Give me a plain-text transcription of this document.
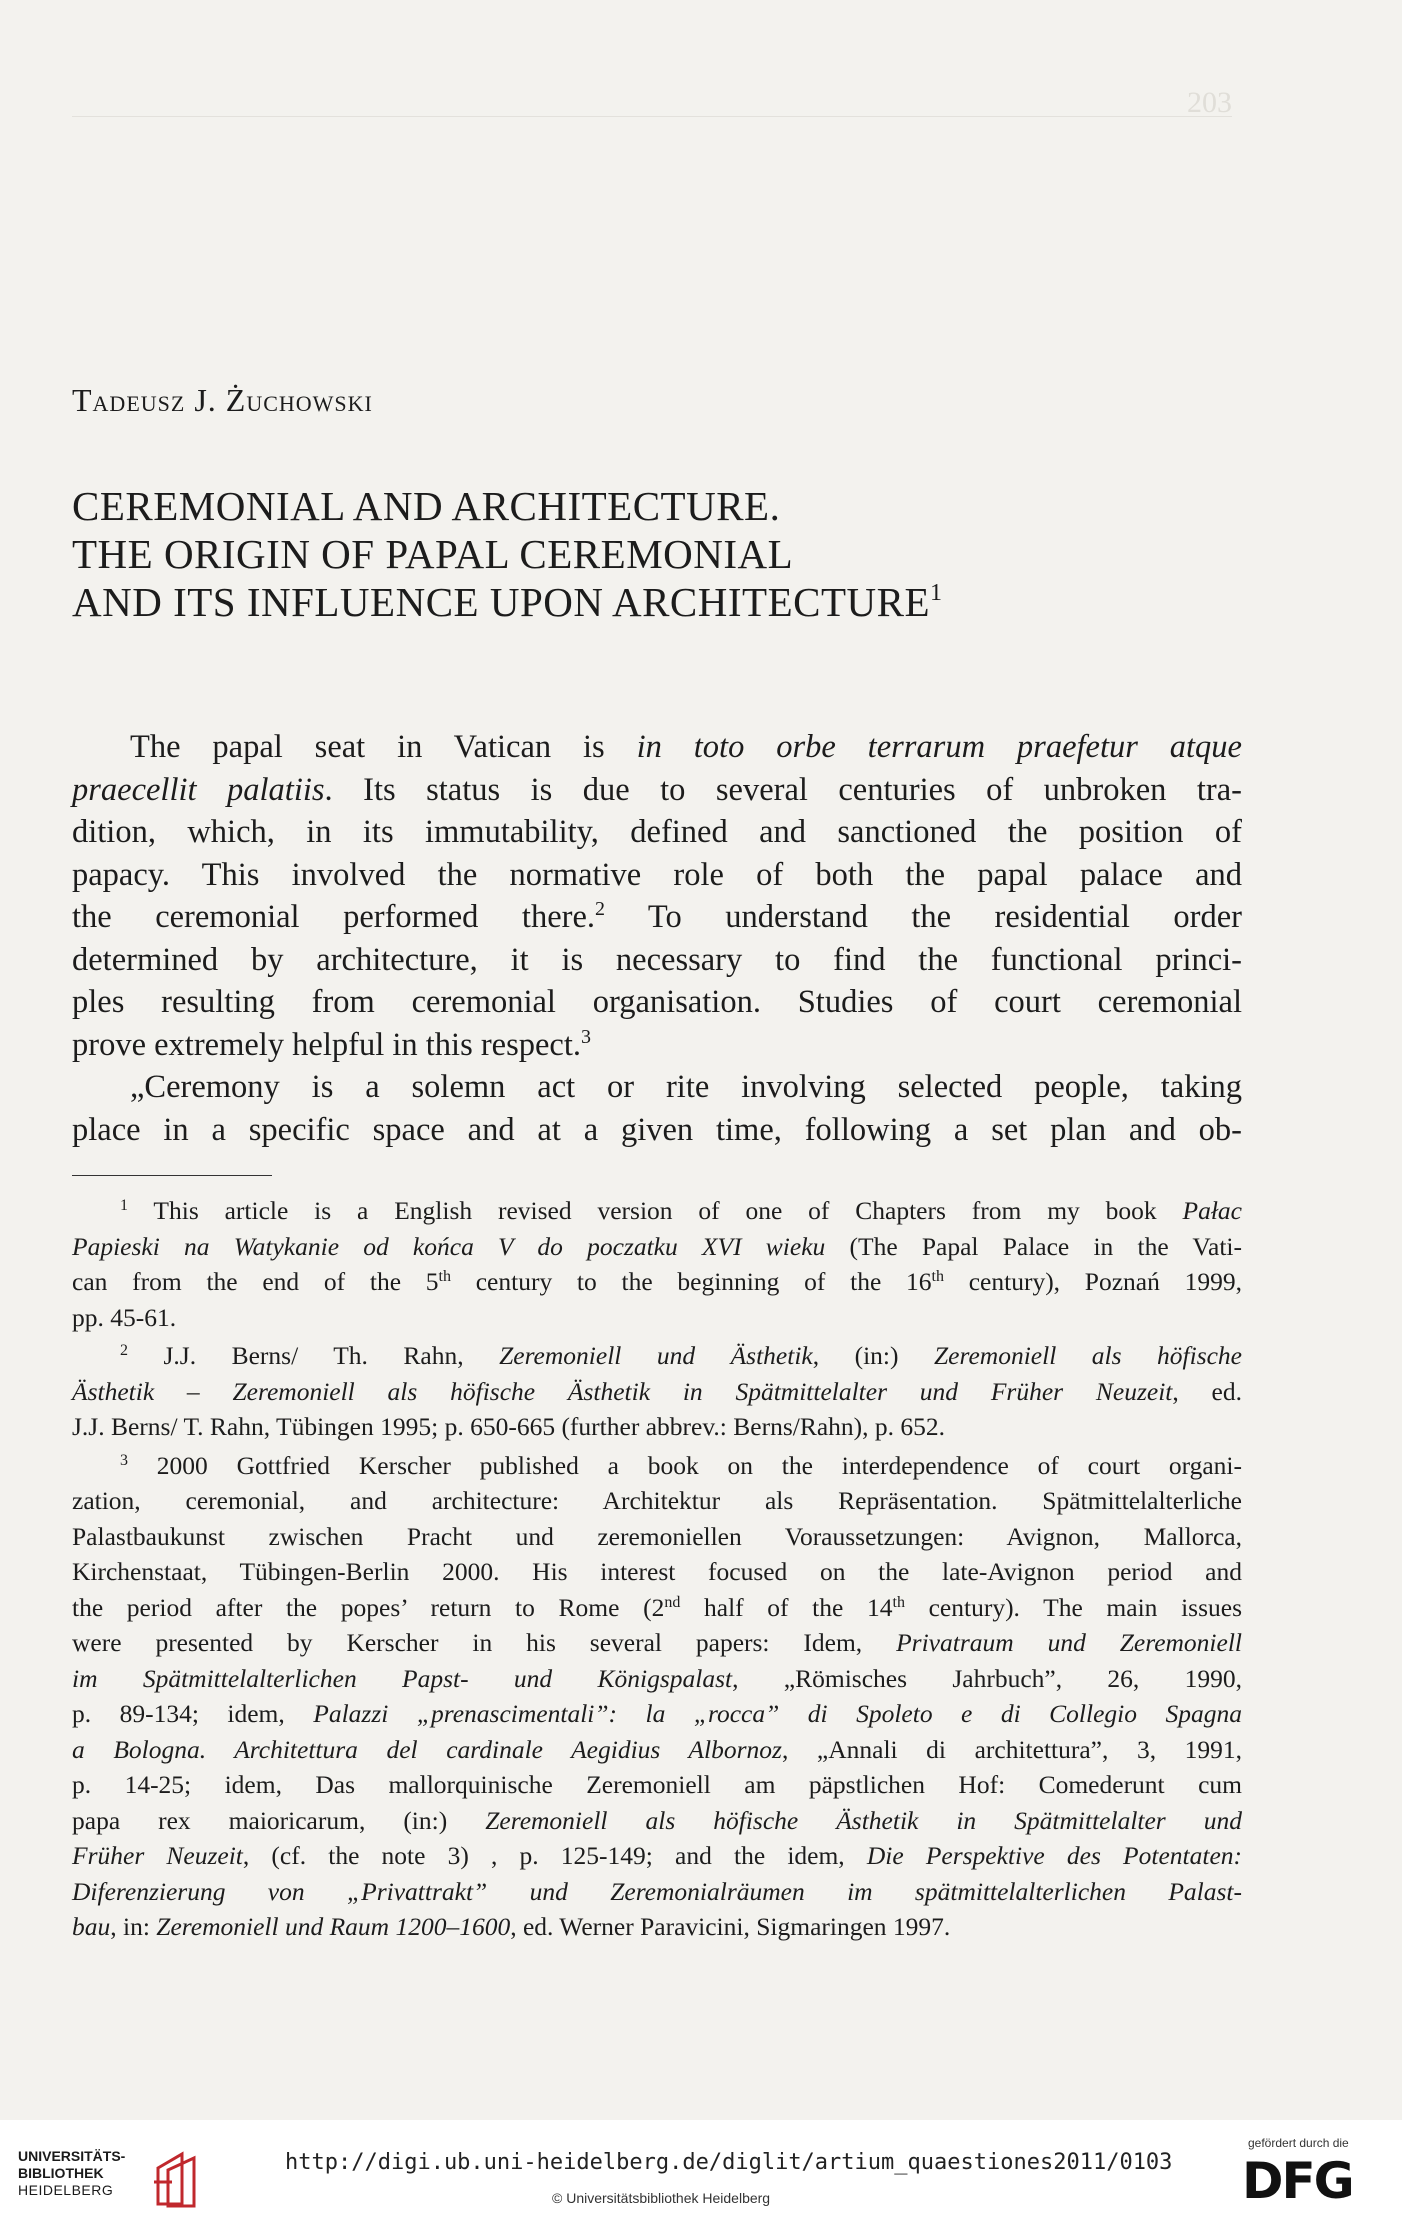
203
Tadeusz J. Żuchowski
CEREMONIAL AND ARCHITECTURE.
THE ORIGIN OF PAPAL CEREMONIAL
AND ITS INFLUENCE UPON ARCHITECTURE$^1$
The papal seat in Vatican is in toto orbe terrarum praefetur atque
praecellit palatiis. Its status is due to several centuries of unbroken tra-
dition, which, in its immutability, defined and sanctioned the position of
papacy. This involved the normative role of both the papal palace and
the ceremonial performed there.$^2$ To understand the residential order
determined by architecture, it is necessary to find the functional princi-
ples resulting from ceremonial organisation. Studies of court ceremonial
prove extremely helpful in this respect.$^3$
„Ceremony is a solemn act or rite involving selected people, taking
place in a specific space and at a given time, following a set plan and ob-
$^1$ This article is a English revised version of one of Chapters from my book Pałac
Papieski na Watykanie od końca V do poczatku XVI wieku (The Papal Palace in the Vati-
can from the end of the 5th century to the beginning of the 16th century), Poznań 1999,
pp. 45-61.
$^2$ J.J. Berns/ Th. Rahn, Zeremoniell und Ästhetik, (in:) Zeremoniell als höfische
Ästhetik – Zeremoniell als höfische Ästhetik in Spätmittelalter und Früher Neuzeit, ed.
J.J. Berns/ T. Rahn, Tübingen 1995; p. 650-665 (further abbrev.: Berns/Rahn), p. 652.
$^3$ 2000 Gottfried Kerscher published a book on the interdependence of court organi-
zation, ceremonial, and architecture: Architektur als Repräsentation. Spätmittelalterliche
Palastbaukunst zwischen Pracht und zeremoniellen Voraussetzungen: Avignon, Mallorca,
Kirchenstaat, Tübingen-Berlin 2000. His interest focused on the late-Avignon period and
the period after the popes’ return to Rome (2nd half of the 14th century). The main issues
were presented by Kerscher in his several papers: Idem, Privatraum und Zeremoniell
im Spätmittelalterlichen Papst- und Königspalast, „Römisches Jahrbuch”, 26, 1990,
p. 89-134; idem, Palazzi „prenascimentali”: la „rocca” di Spoleto e di Collegio Spagna
a Bologna. Architettura del cardinale Aegidius Albornoz, „Annali di architettura”, 3, 1991,
p. 14-25; idem, Das mallorquinische Zeremoniell am päpstlichen Hof: Comederunt cum
papa rex maioricarum, (in:) Zeremoniell als höfische Ästhetik in Spätmittelalter und
Früher Neuzeit, (cf. the note 3) , p. 125-149; and the idem, Die Perspektive des Potentaten:
Diferenzierung von „Privattrakt” und Zeremonialräumen im spätmittelalterlichen Palast-
bau, in: Zeremoniell und Raum 1200–1600, ed. Werner Paravicini, Sigmaringen 1997.
UNIVERSITÄTS-
BIBLIOTHEK
HEIDELBERG
http://digi.ub.uni-heidelberg.de/diglit/artium_quaestiones2011/0103
© Universitätsbibliothek Heidelberg
gefördert durch die
DFG
